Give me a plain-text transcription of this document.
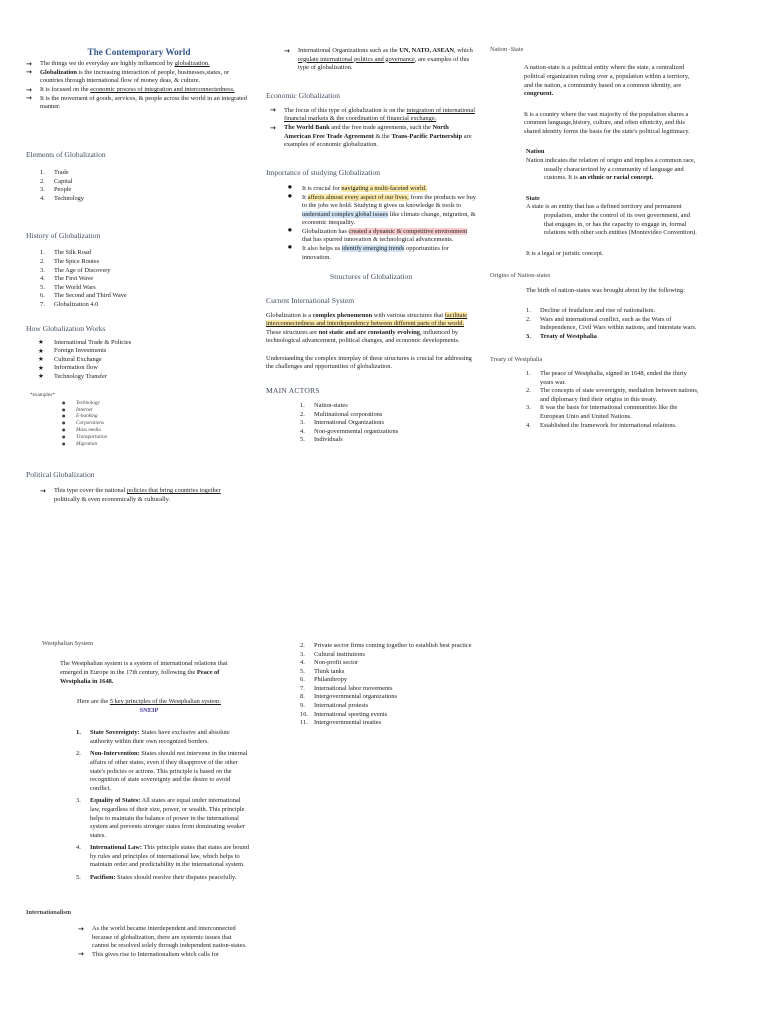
The Contemporary World
→ The things we do everyday are highly influenced by globalization.
→ Globalization is the increasing interaction of people, businesses,states, or countries through international flow of money deas, & culture.
→ It is focused on the economic process of integration and interconnectedness.
→ It is the movement of goods, services, & people across the world in an integrated manner.
Elements of Globalization
1. Trade
2. Capital
3. People
4. Technology
History of Globalization
1. The Silk Road
2. The Spice Routes
3. The Age of Discovery
4. The First Wave
5. The World Wars
6. The Second and Third Wave
7. Globalization 4.0
How Globalization Works
★ International Trade & Policies
★ Foreign Investments
★ Cultural Exchange
★ Information flow
★ Technology Transfer
*examples*
● Technology
● Internet
● E-banking
● Corporations
● Mass media
● Transportation
● Migration
Political Globalization
→ This type cover the national policies that bring countries together politically & even economically & culturally.
→ International Organizations such as the UN, NATO, ASEAN, which regulate international politics and governance, are examples of this type of globalization.
Economic Globalization
→ The focus of this type of globalization is on the integration of international financial markets & the coordination of financial exchange.
→ The World Bank and the free trade agreements, such the North American Free Trade Agreement & the Trans-Pacific Partnership are examples of economic globalization.
Importance of studying Globalization
● It is crucial for navigating a multi-faceted world.
● It affects almost every aspect of our lives, from the products we buy to the jobs we hold. Studying it gives us knowledge & tools to understand complex global issues like climate change, migration, & economic inequality.
● Globalization has created a dynamic & competitive environment that has spurred innovation & technological advancements.
● It also helps us identify emerging trends opportunities for innovation.
Structures of Globalization
Current International System

Globalization is a complex phenomenon with various structures that facilitate interconnectedness and interdependency between different parts of the world. These structures are not static and are constantly evolving, influenced by technological advancement, political changes, and economic developments.

Understanding the complex interplay of these structures is crucial for addressing the challenges and opportunities of globalization.

MAIN ACTORS
1. Nation-states
2. Multinational corporations
3. International Organizations
4. Non-governmental organizations
5. Individuals
Nation -State

A nation-state is a political entity where the state, a centralized political organization ruling over a, population within a territory, and the nation, a community based on a common identity, are congruent.

It is a country where the vast majority of the population shares a common language,history, culture, and often ethnicity, and this shared identity forms the basis for the state's political legitimacy.

Nation

Nation indicates the relation of origin and implies a common race, usually characterized by a community of language and customs. It is an ethnic or racial concept.

State

A state is an entity that has a defined territory and permanent population, under the control of its own government, and that engages in, or has the capacity to engage in, formal relations with other such entities (Montevideo Convention).

It is a legal or juristic concept.

Origins of Nation-states

The birth of nation-states was brought about by the following:

1. Decline of feudalism and rise of nationalism.
2. Wars and international conflict, such as the Wars of Independence, Civil Wars within nations, and interstate wars.
3. Treaty of Westphalia
Treaty of Westphalia
1. The peace of Westphalia, signed in 1648, ended the thirty years war.
2. The concepts of state sovereignty, mediation between nations, and diplomacy find their origins in this treaty.
3. It was the basis for international communities like the European Unio and United Nations.
4. Established the framework for international relations.
Westphalian System

The Westphalian system is a system of international relations that emerged in Europe in the 17th century, following the Peace of Westphalia in 1648.

Here are the 5 key principles of the Westphalian system:

SNEIP
1. State Sovereignty: States have exclusive and absolute authority within their own recognized borders.
2. Non-Intervention: States should not intervene in the internal affairs of other states, even if they disapprove of the other state's policies or actions. This principle is based on the recognition of state sovereignty and the desire to avoid conflict.
3. Equality of States: All states are equal under international law, regardless of their size, power, or wealth. This principle helps to maintain the balance of power in the international system and prevents stronger states from dominating weaker states.
4. International Law: This principle states that states are bound by rules and principles of international law, which helps to maintain order and predictability in the international system.
5. Pacifism: States should resolve their disputes peacefully.
Internationalism
→ As the world became interdependent and interconnected because of globalization, there are systemic issues that cannot be resolved solely through independent nation-states.
→ This gives rise to Internationalism which calls for
2. Private sector firms coming together to establish best practice
3. Cultural institutions
4. Non-profit sector
5. Think tanks
6. Philanthropy
7. International labor movements
8. Intergovernmental organizations
9. International protests
10. International sporting events
11. Intergovernmental treaties
